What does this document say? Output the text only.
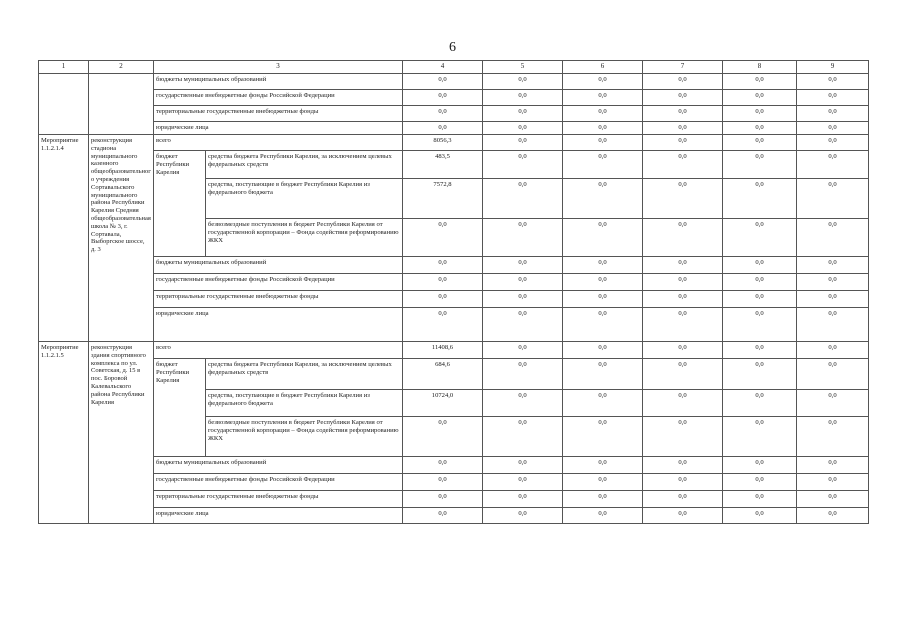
6
1	2	3		4	5	6	7	8	9
		бюджеты муниципальных образований		0,0	0,0	0,0	0,0	0,0	0,0
		государственные внебюджетные фонды Российской Федерации		0,0	0,0	0,0	0,0	0,0	0,0
		территориальные государственные внебюджетные фонды		0,0	0,0	0,0	0,0	0,0	0,0
		юридические лица		0,0	0,0	0,0	0,0	0,0	0,0
Мероприятие 1.1.2.1.4	реконструкция стадиона муниципального казенного общеобразовательного учреждения Сортавальского муниципального района Республики Карелия Средняя общеобразовательная школа № 3, г. Сортавала, Выборгское шоссе, д. 3	всего		8056,3	0,0	0,0	0,0	0,0	0,0
		бюджет Республики Карелия	средства бюджета Республики Карелия, за исключением целевых федеральных средств	483,5	0,0	0,0	0,0	0,0	0,0
			средства, поступающие в бюджет Республики Карелия из федерального бюджета	7572,8	0,0	0,0	0,0	0,0	0,0
			безвозмездные поступления в бюджет Республики Карелия от государственной корпорации – Фонда содействия реформированию ЖКХ	0,0	0,0	0,0	0,0	0,0	0,0
		бюджеты муниципальных образований		0,0	0,0	0,0	0,0	0,0	0,0
		государственные внебюджетные фонды Российской Федерации		0,0	0,0	0,0	0,0	0,0	0,0
		территориальные государственные внебюджетные фонды		0,0	0,0	0,0	0,0	0,0	0,0
		юридические лица		0,0	0,0	0,0	0,0	0,0	0,0
Мероприятие 1.1.2.1.5	реконструкция здания спортивного комплекса по ул. Советская, д. 15 в пос. Боровой Калевальского района Республики Карелия	всего		11408,6	0,0	0,0	0,0	0,0	0,0
		бюджет Республики Карелия	средства бюджета Республики Карелия, за исключением целевых федеральных средств	684,6	0,0	0,0	0,0	0,0	0,0
			средства, поступающие в бюджет Республики Карелия из федерального бюджета	10724,0	0,0	0,0	0,0	0,0	0,0
			безвозмездные поступления в бюджет Республики Карелия от государственной корпорации – Фонда содействия реформированию ЖКХ	0,0	0,0	0,0	0,0	0,0	0,0
		бюджеты муниципальных образований		0,0	0,0	0,0	0,0	0,0	0,0
		государственные внебюджетные фонды Российской Федерации		0,0	0,0	0,0	0,0	0,0	0,0
		территориальные государственные внебюджетные фонды		0,0	0,0	0,0	0,0	0,0	0,0
		юридические лица		0,0	0,0	0,0	0,0	0,0	0,0
